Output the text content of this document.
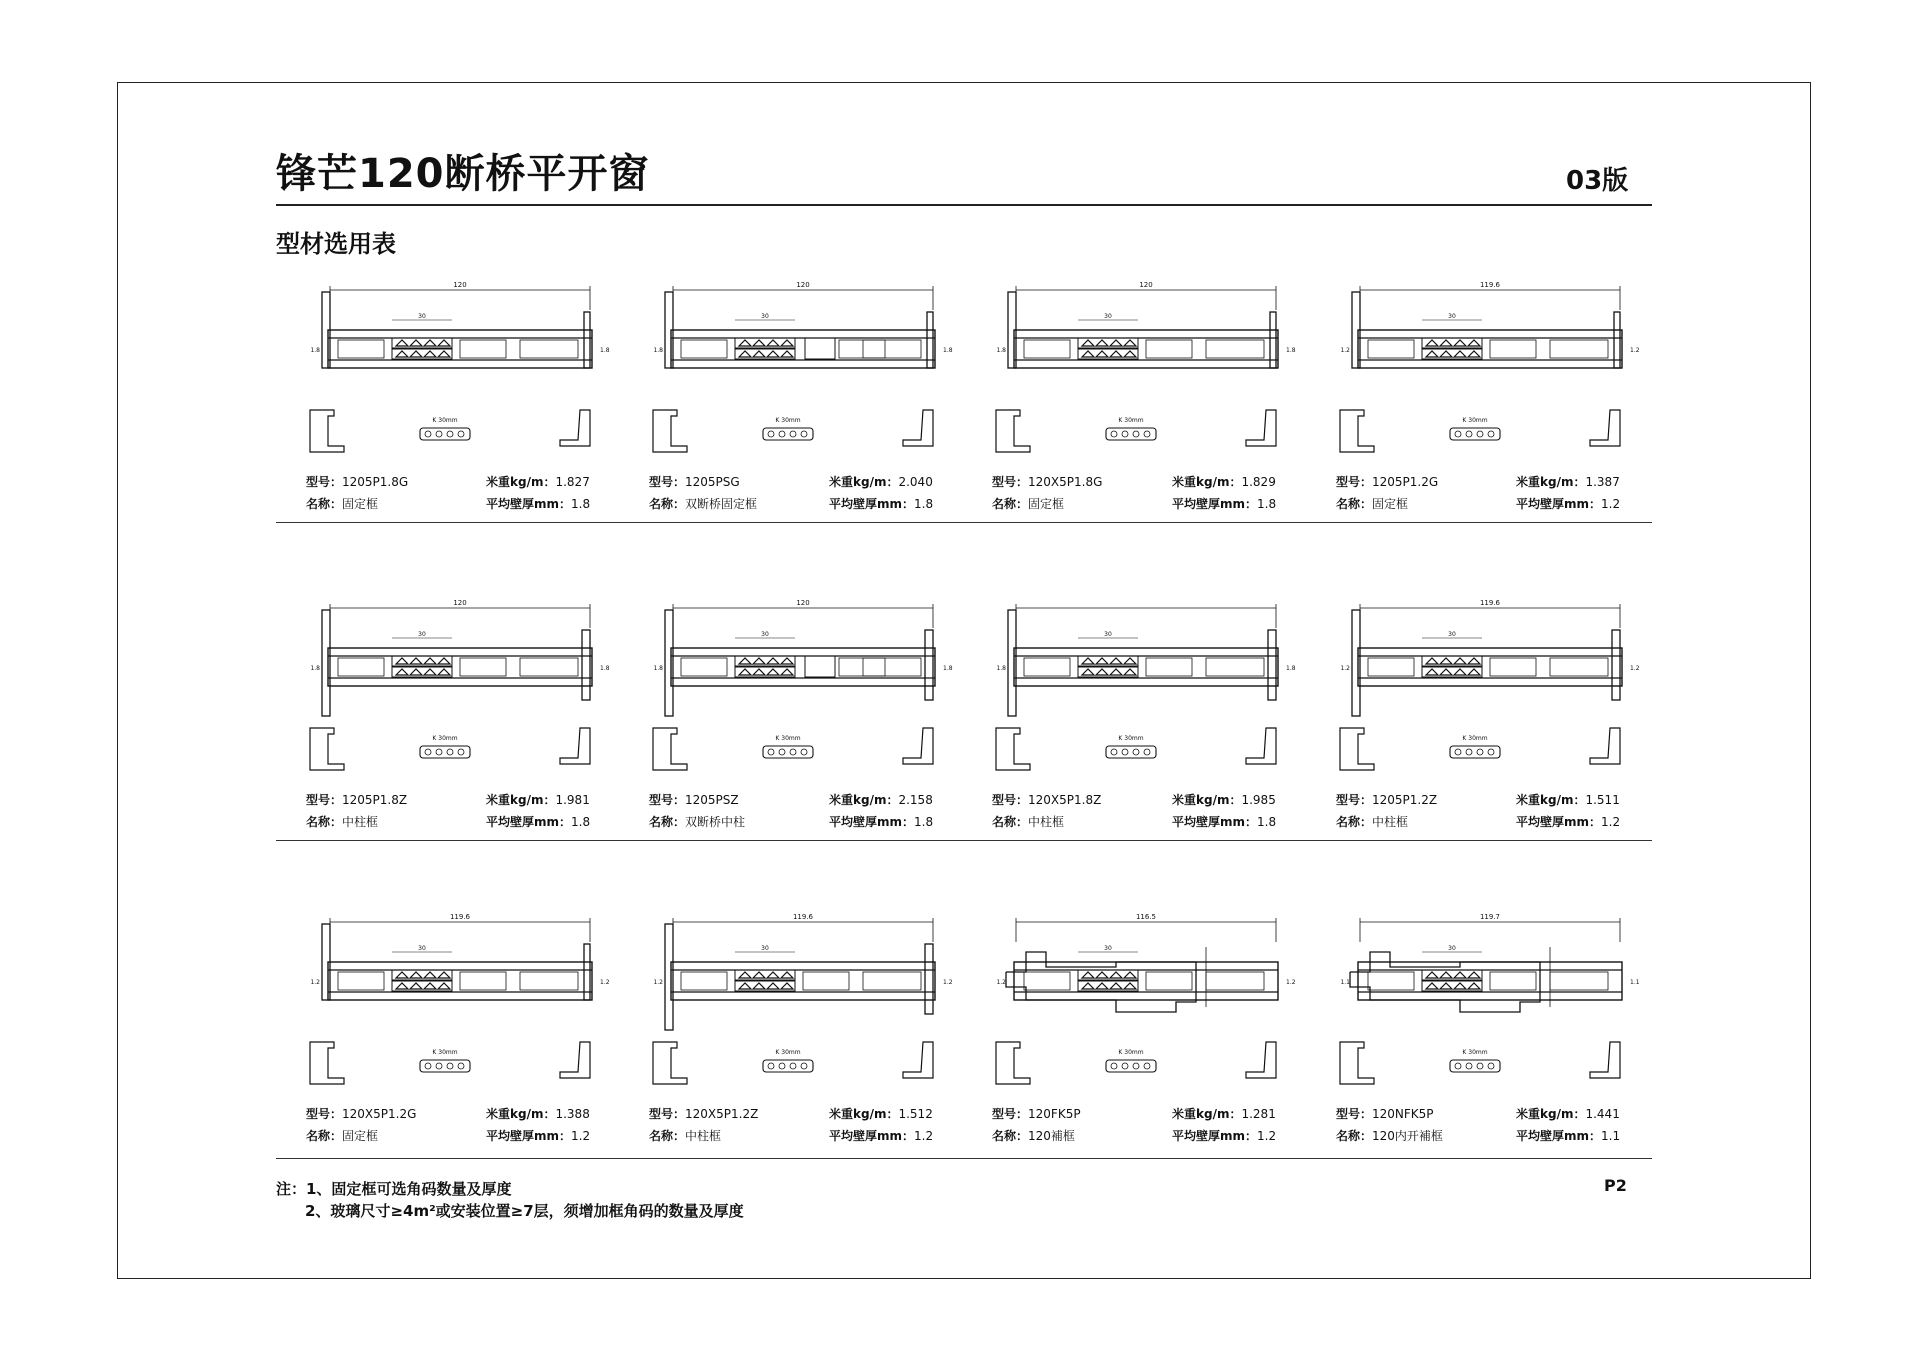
锋芒120断桥平开窗	03版
型材选用表
120
30
1.8	1.8
K 30mm
型号：1205P1.8G	米重kg/m：1.827
名称：固定框	平均壁厚mm：1.8
120
30
1.8	1.8
K 30mm
型号：1205PSG	米重kg/m：2.040
名称：双断桥固定框	平均壁厚mm：1.8
120
30
1.8	1.8
K 30mm
型号：120X5P1.8G	米重kg/m：1.829
名称：固定框	平均壁厚mm：1.8
119.6
30
1.2	1.2
K 30mm
型号：1205P1.2G	米重kg/m：1.387
名称：固定框	平均壁厚mm：1.2
120
30
1.8	1.8
K 30mm
型号：1205P1.8Z	米重kg/m：1.981
名称：中柱框	平均壁厚mm：1.8
120
30
1.8	1.8
K 30mm
型号：1205PSZ	米重kg/m：2.158
名称：双断桥中柱	平均壁厚mm：1.8
30
1.8	1.8
K 30mm
型号：120X5P1.8Z	米重kg/m：1.985
名称：中柱框	平均壁厚mm：1.8
119.6
30
1.2	1.2
K 30mm
型号：1205P1.2Z	米重kg/m：1.511
名称：中柱框	平均壁厚mm：1.2
119.6
30
1.2	1.2
K 30mm
型号：120X5P1.2G	米重kg/m：1.388
名称：固定框	平均壁厚mm：1.2
119.6
30
1.2	1.2
K 30mm
型号：120X5P1.2Z	米重kg/m：1.512
名称：中柱框	平均壁厚mm：1.2
116.5
30
1.2	1.2
K 30mm
型号：120FK5P	米重kg/m：1.281
名称：120補框	平均壁厚mm：1.2
119.7
30
1.1	1.1
K 30mm
型号：120NFK5P	米重kg/m：1.441
名称：120内开補框	平均壁厚mm：1.1
注：1、固定框可选角码数量及厚度
2、玻璃尺寸≥4m²或安装位置≥7层，须增加框角码的数量及厚度
P2
